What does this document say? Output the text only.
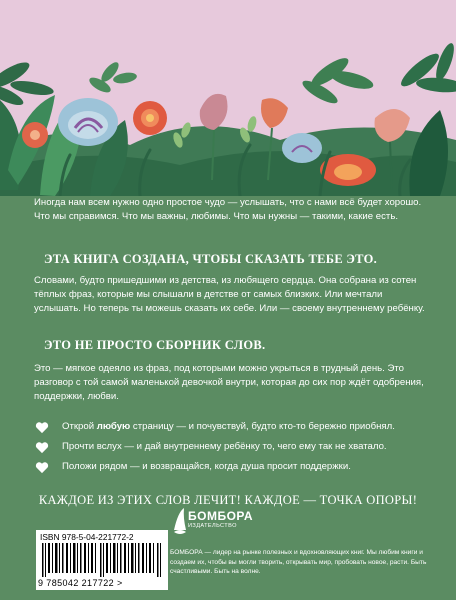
Иногда нам всем нужно одно простое чудо — услышать, что с нами всё будет хорошо. Что мы справимся. Что мы важны, любимы. Что мы нужны — такими, какие есть.

ЭТА КНИГА СОЗДАНА, ЧТОБЫ СКАЗАТЬ ТЕБЕ ЭТО.

Словами, будто пришедшими из детства, из любящего сердца. Она собрана из сотен тёплых фраз, которые мы слышали в детстве от самых близких. Или мечтали услышать. Но теперь ты можешь сказать их себе. Или — своему внутреннему ребёнку.

ЭТО НЕ ПРОСТО СБОРНИК СЛОВ.

Это — мягкое одеяло из фраз, под которыми можно укрыться в трудный день. Это разговор с той самой маленькой девочкой внутри, которая до сих пор ждёт одобрения, поддержки, любви.

Открой любую страницу — и почувствуй, будто кто-то бережно приобнял.
Прочти вслух — и дай внутреннему ребёнку то, чего ему так не хватало.
Положи рядом — и возвращайся, когда душа просит поддержки.

КАЖДОЕ ИЗ ЭТИХ СЛОВ ЛЕЧИТ! КАЖДОЕ — ТОЧКА ОПОРЫ!

ISBN 978-5-04-221772-2
9 785042 217722 >
БОМБОРА
ИЗДАТЕЛЬСТВО

БОМБОРА — лидер на рынке полезных и вдохновляющих книг. Мы любим книги и создаем их, чтобы вы могли творить, открывать мир, пробовать новое, расти. Быть счастливыми. Быть на волне.
